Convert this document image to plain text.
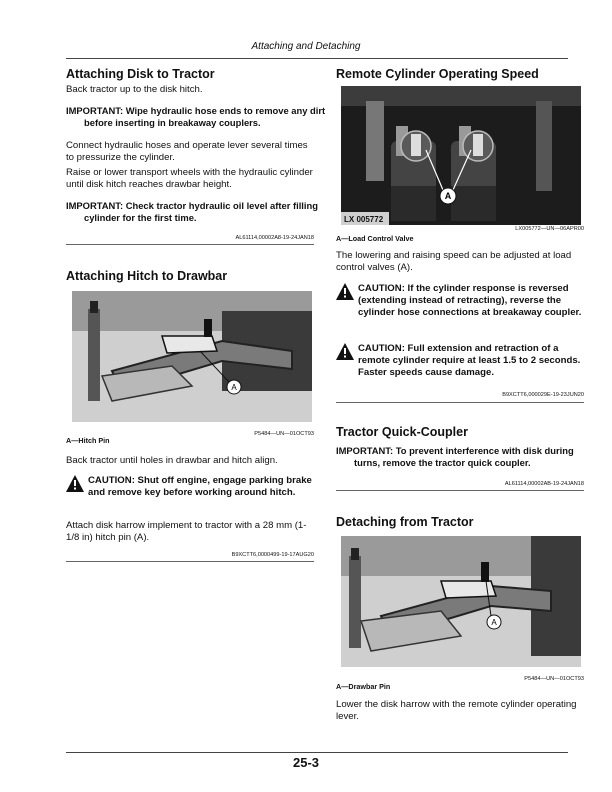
Attaching and Detaching
Attaching Disk to Tractor

Back tractor up to the disk hitch.

IMPORTANT: Wipe hydraulic hose ends to remove any dirt before inserting in breakaway couplers.

Connect hydraulic hoses and operate lever several times to pressurize the cylinder.

Raise or lower transport wheels with the hydraulic cylinder until disk hitch reaches drawbar height.

IMPORTANT: Check tractor hydraulic oil level after filling cylinder for the first time.

AL61114,00002A8-19-24JAN18
Attaching Hitch to Drawbar
A
P5484—UN—01OCT93
A—Hitch Pin

Back tractor until holes in drawbar and hitch align.

CAUTION: Shut off engine, engage parking brake and remove key before working around hitch.

Attach disk harrow implement to tractor with a 28 mm (1-1/8 in) hitch pin (A).

B9XCTT6,0000499-19-17AUG20
Remote Cylinder Operating Speed
A
LX 005772
LX005772—UN—06APR00
A—Load Control Valve

The lowering and raising speed can be adjusted at load control valves (A).

CAUTION: If the cylinder response is reversed (extending instead of retracting), reverse the cylinder hose connections at breakaway coupler.
CAUTION: Full extension and retraction of a remote cylinder require at least 1.5 to 2 seconds. Faster speeds cause damage.
B9XCTT6,000029E-19-23JUN20
Tractor Quick-Coupler

IMPORTANT: To prevent interference with disk during turns, remove the tractor quick coupler.

AL61114,00002AB-19-24JAN18
Detaching from Tractor
A
P5484—UN—01OCT93
A—Drawbar Pin

Lower the disk harrow with the remote cylinder operating lever.

25-3
